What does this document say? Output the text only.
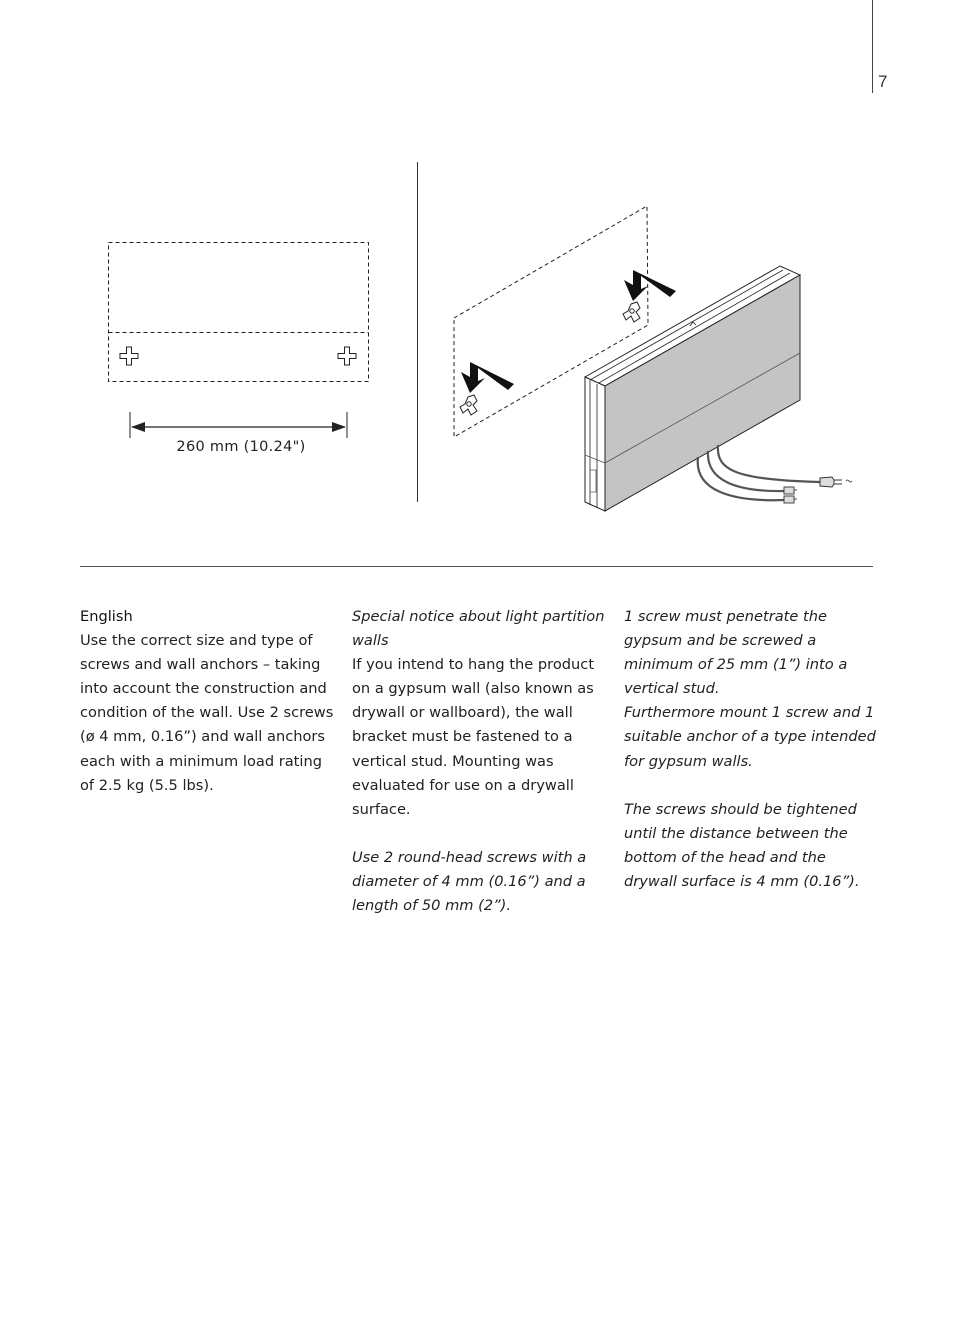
7
260 mm (10.24")

English

Use the correct size and type of

screws and wall anchors – taking

into account the construction and

condition of the wall. Use 2 screws

(ø 4 mm, 0.16”) and wall anchors

each with a minimum load rating

of 2.5 kg (5.5 lbs).

Special notice about light partition

walls

If you intend to hang the product

on a gypsum wall (also known as

drywall or wallboard), the wall

bracket must be fastened to a

vertical stud. Mounting was

evaluated for use on a drywall

surface.

Use 2 round-head screws with a

diameter of 4 mm (0.16”) and a

length of 50 mm (2”).

1 screw must penetrate the

gypsum and be screwed a

minimum of 25 mm (1”) into a

vertical stud.

Furthermore mount 1 screw and 1

suitable anchor of a type intended

for gypsum walls.

The screws should be tightened

until the distance between the

bottom of the head and the

drywall surface is 4 mm (0.16”).
